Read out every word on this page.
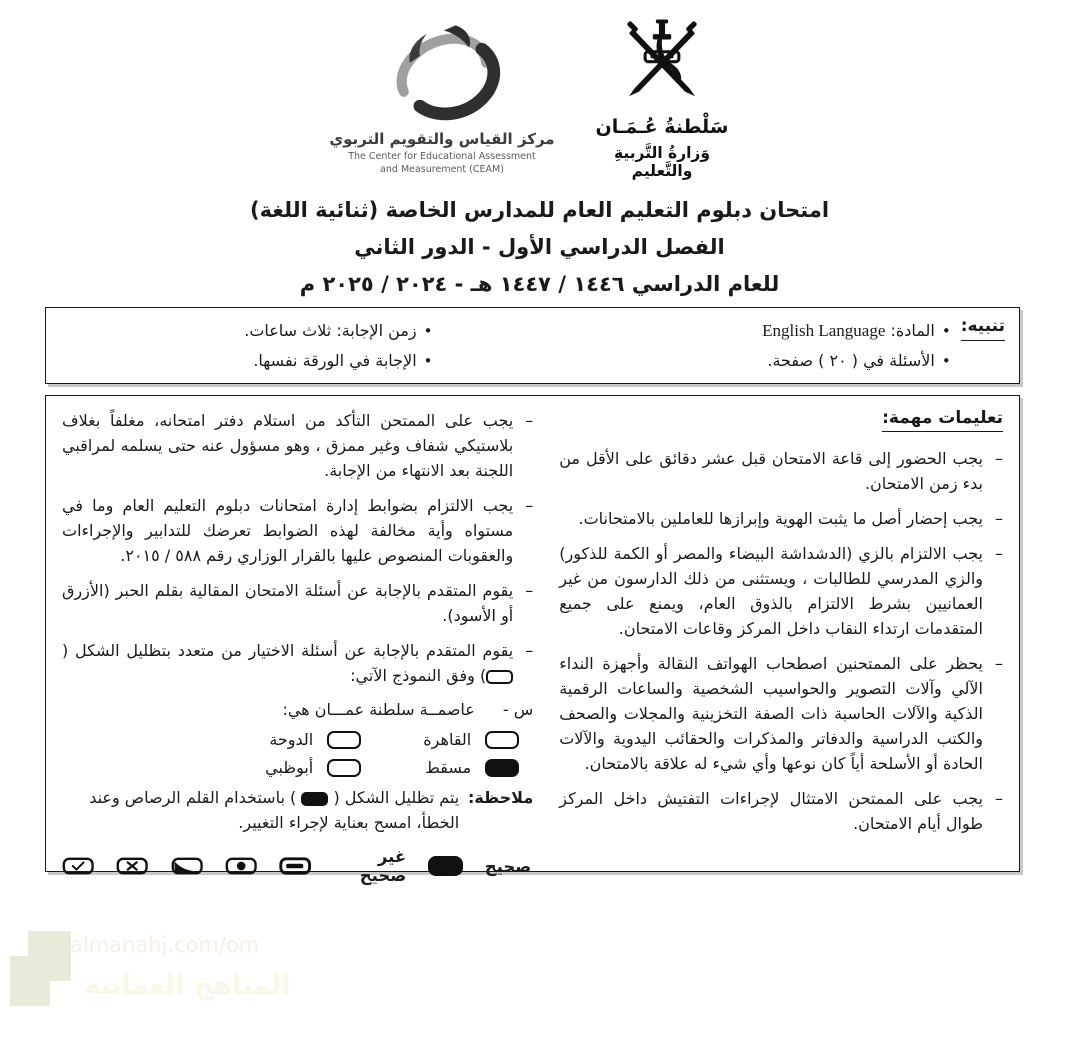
مركز القياس والتقويم التربوي
The Center for Educational Assessment
and Measurement (CEAM)
سَلْطنةُ عُـمَـان
وَزارةُ التَّربيةِ والتَّعليم
امتحان دبلوم التعليم العام للمدارس الخاصة (ثنائية اللغة)
الفصل الدراسي الأول - الدور الثاني
للعام الدراسي ١٤٤٦ / ١٤٤٧ هـ - ٢٠٢٤ / ٢٠٢٥ م
تنبيه:
•المادة: English Language
•الأسئلة في ( ٢٠ ) صفحة.
•زمن الإجابة: ثلاث ساعات.
•الإجابة في الورقة نفسها.
تعليمات مهمة:
–
يجب الحضور إلى قاعة الامتحان قبل عشر دقائق على الأقل من بدء زمن الامتحان.
–
يجب إحضار أصل ما يثبت الهوية وإبرازها للعاملين بالامتحانات.
–
يجب الالتزام بالزي (الدشداشة البيضاء والمصر أو الكمة للذكور) والزي المدرسي للطالبات ، ويستثنى من ذلك الدارسون من غير العمانيين بشرط الالتزام بالذوق العام، ويمنع على جميع المتقدمات ارتداء النقاب داخل المركز وقاعات الامتحان.
–
يحظر على الممتحنين اصطحاب الهواتف النقالة وأجهزة النداء الآلي وآلات التصوير والحواسيب الشخصية والساعات الرقمية الذكية والآلات الحاسبة ذات الصفة التخزينية والمجلات والصحف والكتب الدراسية والدفاتر والمذكرات والحقائب اليدوية والآلات الحادة أو الأسلحة أياً كان نوعها وأي شيء له علاقة بالامتحان.
–
يجب على الممتحن الامتثال لإجراءات التفتيش داخل المركز طوال أيام الامتحان.
–
يجب على الممتحن التأكد من استلام دفتر امتحانه، مغلفاً بغلاف بلاستيكي شفاف وغير ممزق ، وهو مسؤول عنه حتى يسلمه لمراقبي اللجنة بعد الانتهاء من الإجابة.
–
يجب الالتزام بضوابط إدارة امتحانات دبلوم التعليم العام وما في مستواه وأية مخالفة لهذه الضوابط تعرضك للتدابير والإجراءات والعقوبات المنصوص عليها بالقرار الوزاري رقم ٥٨٨ / ٢٠١٥.
–
يقوم المتقدم بالإجابة عن أسئلة الامتحان المقالية بقلم الحبر (الأزرق أو الأسود).
–
يقوم المتقدم بالإجابة عن أسئلة الاختيار من متعدد بتظليل الشكل () وفق النموذج الآتي:
س -
عاصمــة سلطنة عمـــان هي:
القاهرة
الدوحة
مسقط
أبوظبي
ملاحظة:
يتم تظليل الشكل (  ) باستخدام القلم الرصاص وعند الخطأ، امسح بعناية لإجراء التغيير.
صحيح
غير صحيح
almanahj.com/om
المناهج العمانية
